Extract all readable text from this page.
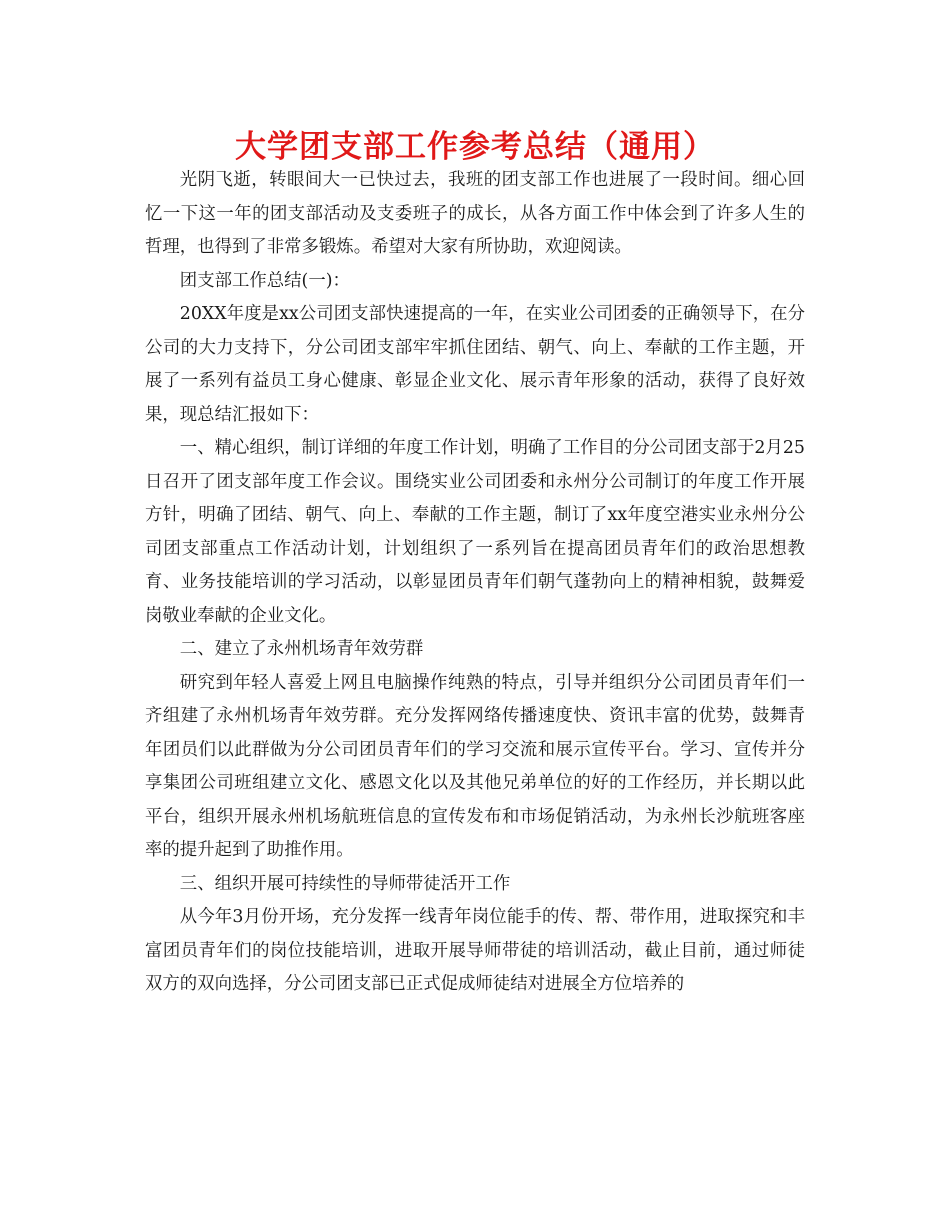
大学团支部工作参考总结（通用）

光阴飞逝，转眼间大一已快过去，我班的团支部工作也进展了一段时间。细心回忆一下这一年的团支部活动及支委班子的成长，从各方面工作中体会到了许多人生的哲理，也得到了非常多锻炼。希望对大家有所协助，欢迎阅读。

团支部工作总结(一)：

20XX年度是xx公司团支部快速提高的一年，在实业公司团委的正确领导下，在分公司的大力支持下，分公司团支部牢牢抓住团结、朝气、向上、奉献的工作主题，开展了一系列有益员工身心健康、彰显企业文化、展示青年形象的活动，获得了良好效果，现总结汇报如下：

一、精心组织，制订详细的年度工作计划，明确了工作目的分公司团支部于2月25日召开了团支部年度工作会议。围绕实业公司团委和永州分公司制订的年度工作开展方针，明确了团结、朝气、向上、奉献的工作主题，制订了xx年度空港实业永州分公司团支部重点工作活动计划，计划组织了一系列旨在提高团员青年们的政治思想教育、业务技能培训的学习活动，以彰显团员青年们朝气蓬勃向上的精神相貌，鼓舞爱岗敬业奉献的企业文化。

二、建立了永州机场青年效劳群

研究到年轻人喜爱上网且电脑操作纯熟的特点，引导并组织分公司团员青年们一齐组建了永州机场青年效劳群。充分发挥网络传播速度快、资讯丰富的优势，鼓舞青年团员们以此群做为分公司团员青年们的学习交流和展示宣传平台。学习、宣传并分享集团公司班组建立文化、感恩文化以及其他兄弟单位的好的工作经历，并长期以此平台，组织开展永州机场航班信息的宣传发布和市场促销活动，为永州长沙航班客座率的提升起到了助推作用。

三、组织开展可持续性的导师带徒活开工作

从今年3月份开场，充分发挥一线青年岗位能手的传、帮、带作用，进取探究和丰富团员青年们的岗位技能培训，进取开展导师带徒的培训活动，截止目前，通过师徒双方的双向选择，分公司团支部已正式促成师徒结对进展全方位培养的
